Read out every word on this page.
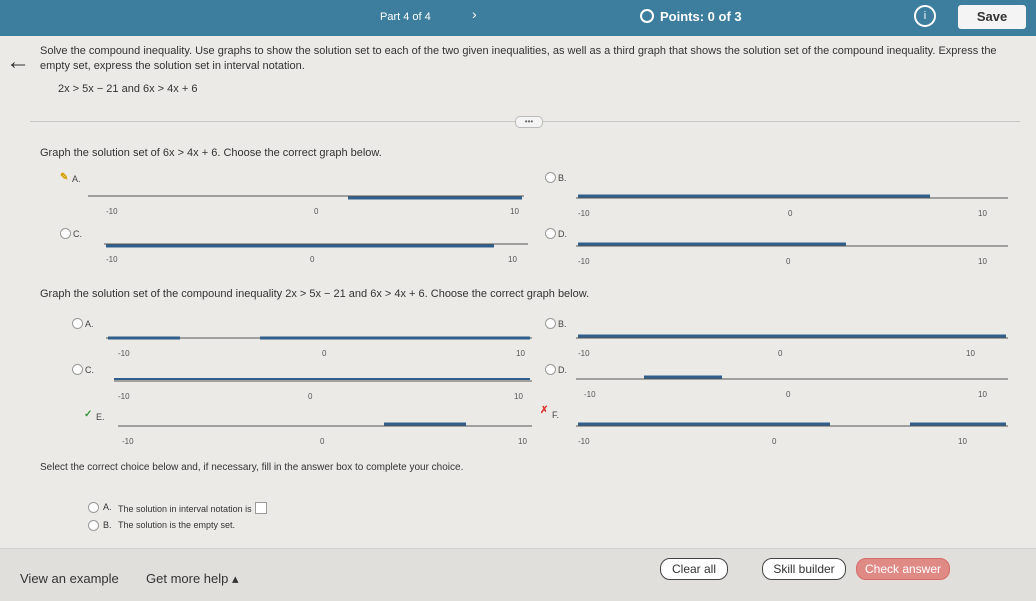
Part 4 of 4	›	Points: 0 of 3	i	Save
← Solve the compound inequality. Use graphs to show the solution set to each of the two given inequalities, as well as a third graph that shows the solution set of the compound inequality. Express the empty set, express the solution set in interval notation.
2x > 5x − 21 and 6x > 4x + 6
•••
Graph the solution set of 6x > 4x + 6. Choose the correct graph below.
✎ A.
-10	0	10
B.
-10	0	10
C.
-10	0	10
D.
-10	0	10
Graph the solution set of the compound inequality 2x > 5x − 21 and 6x > 4x + 6. Choose the correct graph below.
A.
-10	0	10
B.
-10	0	10
C.
-10	0	10
D.
-10	0	10
✓ E.
-10	0	10
✗ F.
-10	0	10
Select the correct choice below and, if necessary, fill in the answer box to complete your choice.
A. The solution in interval notation is
B. The solution is the empty set.
View an example Get more help ▴
Clear all	Skill builder	Check answer
